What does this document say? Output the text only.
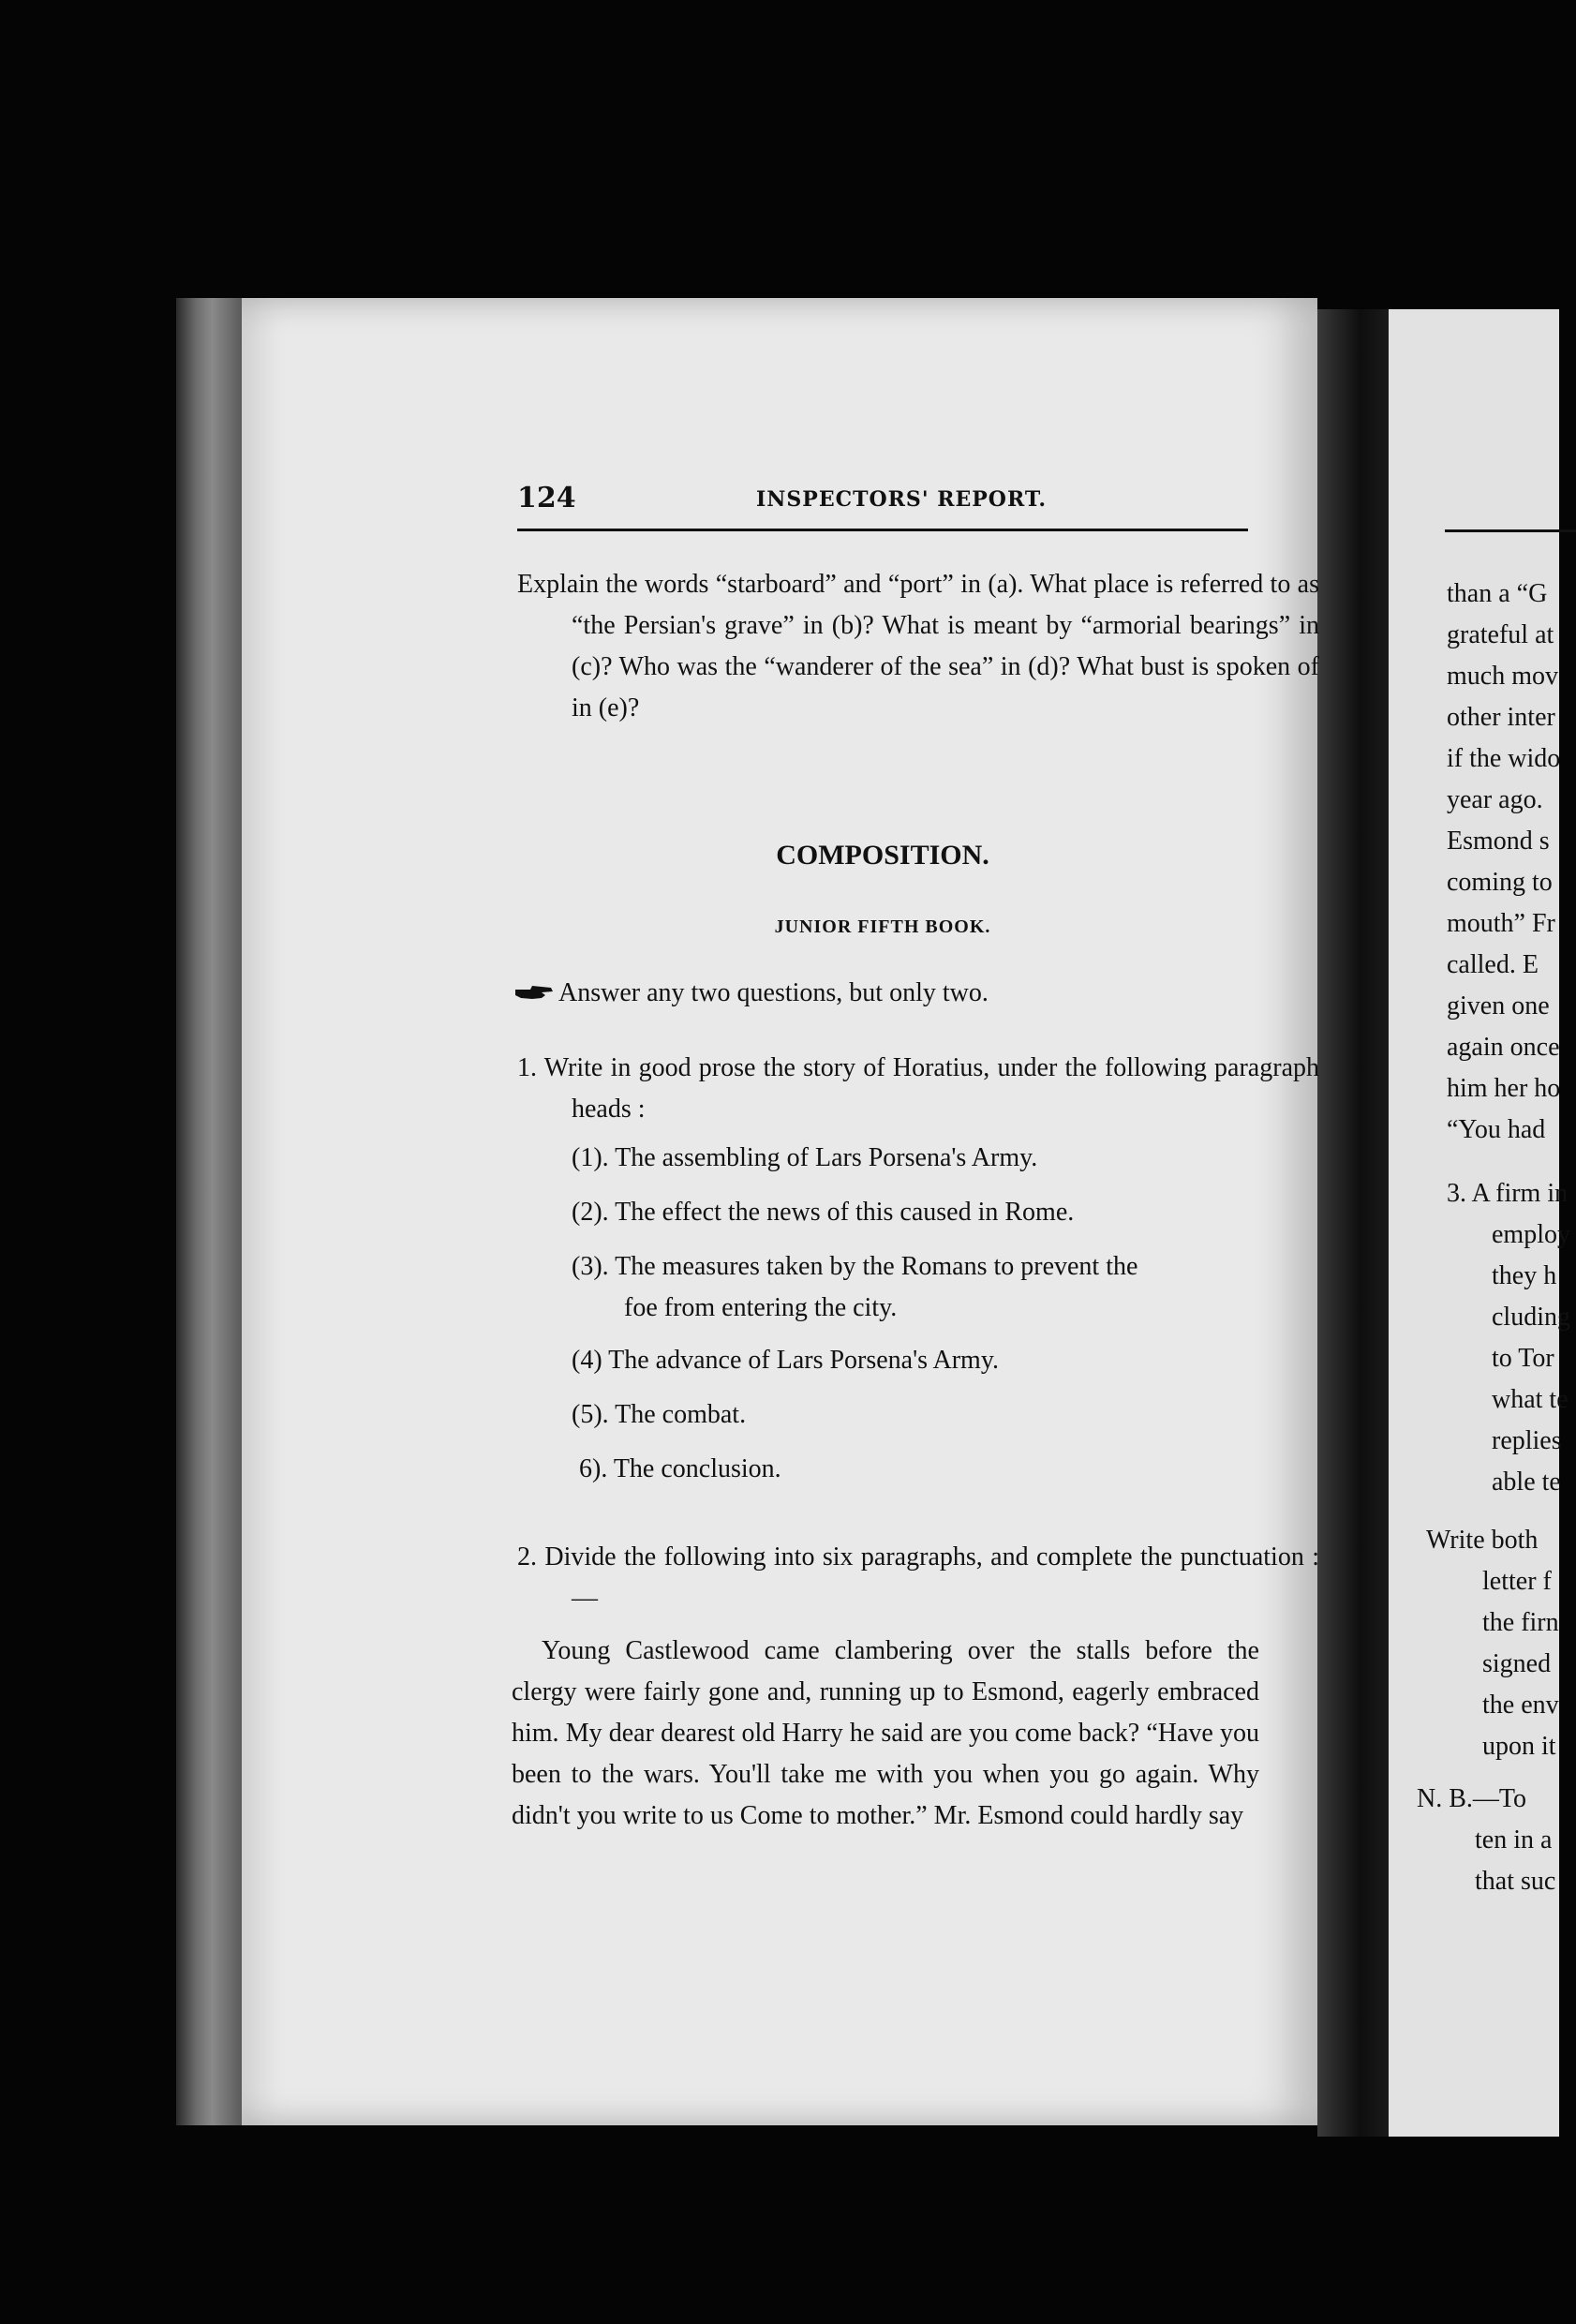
than a “G
grateful at
much mov
other inter
if the wido
year ago.
Esmond s
coming to
mouth” Fr
called. E
given one
again once
him her ho
“You had
3. A firm in
employ
they h
cluding
to Tor
what te
replies
able te
Write both
letter f
the firn
signed
the env
upon it
N. B.—To
ten in a
that suc
124	INSPECTORS' REPORT.
Explain the words “starboard” and “port” in (a). What place is referred to as “the Persian's grave” in (b)? What is meant by “armorial bearings” in (c)? Who was the “wanderer of the sea” in (d)? What bust is spoken of in (e)?
COMPOSITION.
JUNIOR FIFTH BOOK.
Answer any two questions, but only two.
1. Write in good prose the story of Horatius, under the following paragraph heads :
(1). The assembling of Lars Porsena's Army.
(2). The effect the news of this caused in Rome.
(3). The measures taken by the Romans to prevent the
foe from entering the city.
(4) The advance of Lars Porsena's Army.
(5). The combat.
6). The conclusion.
2. Divide the following into six paragraphs, and complete the punctuation :—
Young Castlewood came clambering over the stalls before the clergy were fairly gone and, running up to Esmond, eagerly embraced him. My dear dearest old Harry he said are you come back? “Have you been to the wars. You'll take me with you when you go again. Why didn't you write to us Come to mother.” Mr. Esmond could hardly say
